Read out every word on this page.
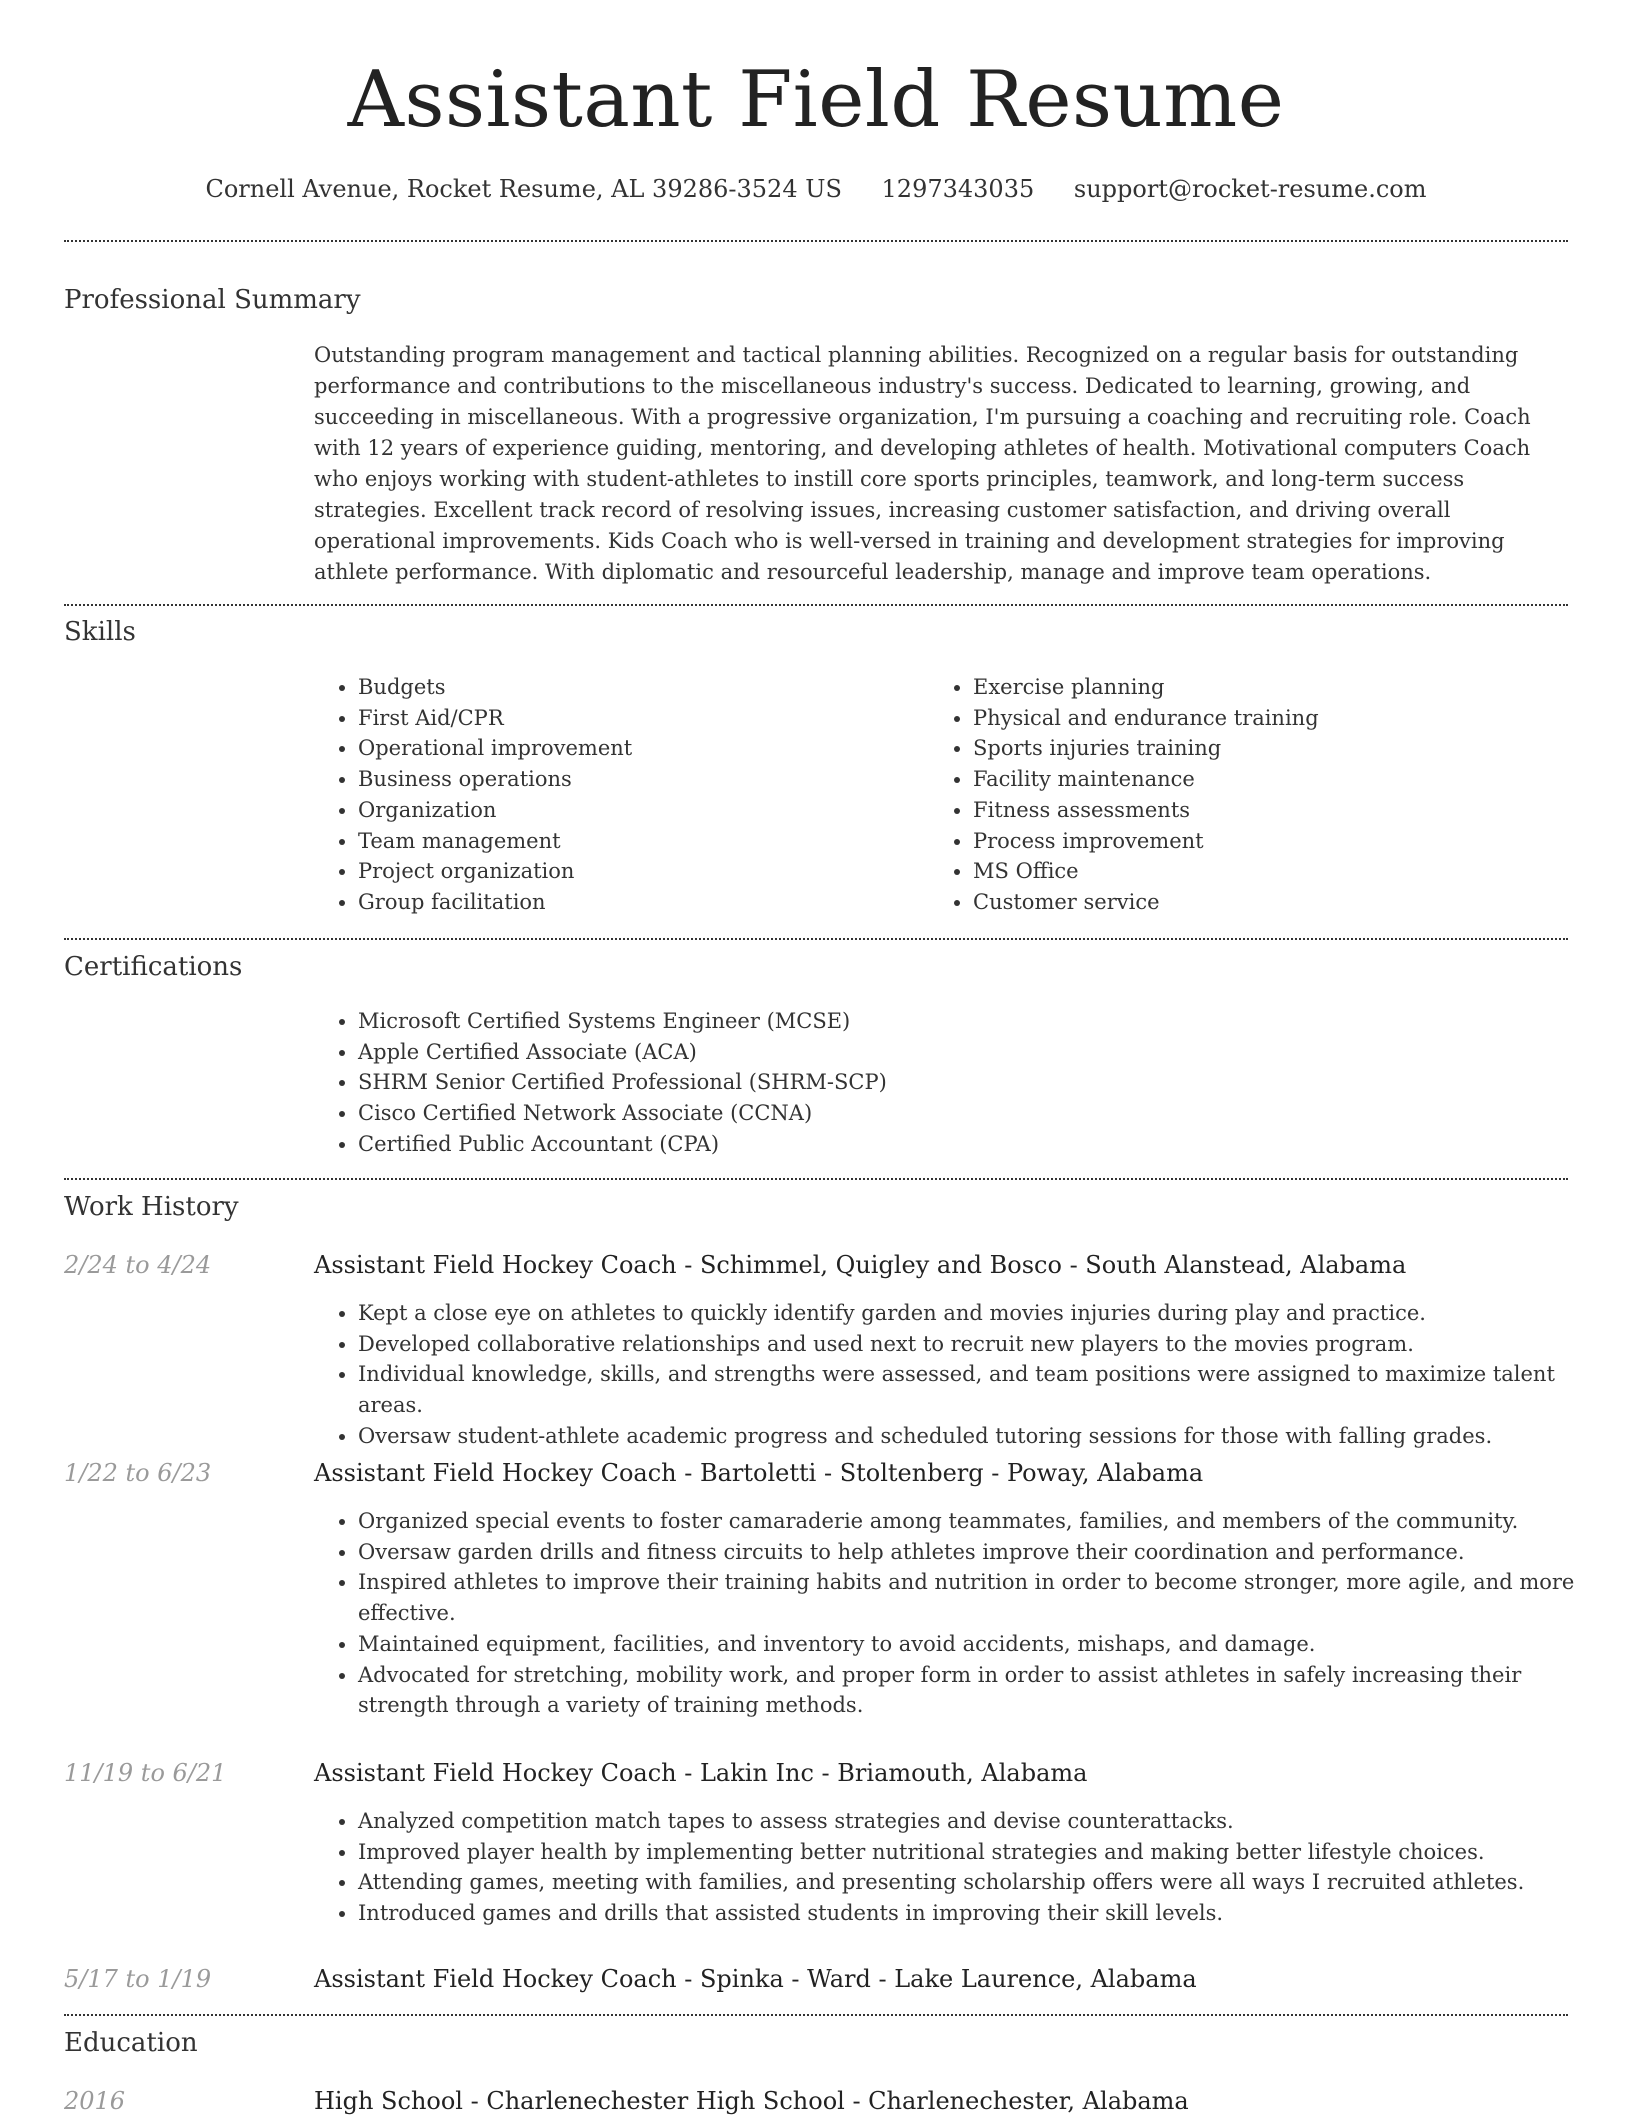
Assistant Field Resume
Cornell Avenue, Rocket Resume, AL 39286-3524 US 1297343035 support@rocket-resume.com
Professional Summary

Outstanding program management and tactical planning abilities. Recognized on a regular basis for outstanding performance and contributions to the miscellaneous industry's success. Dedicated to learning, growing, and succeeding in miscellaneous. With a progressive organization, I'm pursuing a coaching and recruiting role. Coach with 12 years of experience guiding, mentoring, and developing athletes of health. Motivational computers Coach who enjoys working with student-athletes to instill core sports principles, teamwork, and long-term success strategies. Excellent track record of resolving issues, increasing customer satisfaction, and driving overall operational improvements. Kids Coach who is well-versed in training and development strategies for improving athlete performance. With diplomatic and resourceful leadership, manage and improve team operations.

Skills
• Budgets
• First Aid/CPR
• Operational improvement
• Business operations
• Organization
• Team management
• Project organization
• Group facilitation
• Exercise planning
• Physical and endurance training
• Sports injuries training
• Facility maintenance
• Fitness assessments
• Process improvement
• MS Office
• Customer service
Certifications
• Microsoft Certified Systems Engineer (MCSE)
• Apple Certified Associate (ACA)
• SHRM Senior Certified Professional (SHRM-SCP)
• Cisco Certified Network Associate (CCNA)
• Certified Public Accountant (CPA)
Work History
2/24 to 4/24	Assistant Field Hockey Coach - Schimmel, Quigley and Bosco - South Alanstead, Alabama
• Kept a close eye on athletes to quickly identify garden and movies injuries during play and practice.
• Developed collaborative relationships and used next to recruit new players to the movies program.
• Individual knowledge, skills, and strengths were assessed, and team positions were assigned to maximize talent areas.
• Oversaw student-athlete academic progress and scheduled tutoring sessions for those with falling grades.
1/22 to 6/23	Assistant Field Hockey Coach - Bartoletti - Stoltenberg - Poway, Alabama
• Organized special events to foster camaraderie among teammates, families, and members of the community.
• Oversaw garden drills and fitness circuits to help athletes improve their coordination and performance.
• Inspired athletes to improve their training habits and nutrition in order to become stronger, more agile, and more effective.
• Maintained equipment, facilities, and inventory to avoid accidents, mishaps, and damage.
• Advocated for stretching, mobility work, and proper form in order to assist athletes in safely increasing their strength through a variety of training methods.
11/19 to 6/21	Assistant Field Hockey Coach - Lakin Inc - Briamouth, Alabama
• Analyzed competition match tapes to assess strategies and devise counterattacks.
• Improved player health by implementing better nutritional strategies and making better lifestyle choices.
• Attending games, meeting with families, and presenting scholarship offers were all ways I recruited athletes.
• Introduced games and drills that assisted students in improving their skill levels.
5/17 to 1/19	Assistant Field Hockey Coach - Spinka - Ward - Lake Laurence, Alabama
Education
2016	High School - Charlenechester High School - Charlenechester, Alabama
